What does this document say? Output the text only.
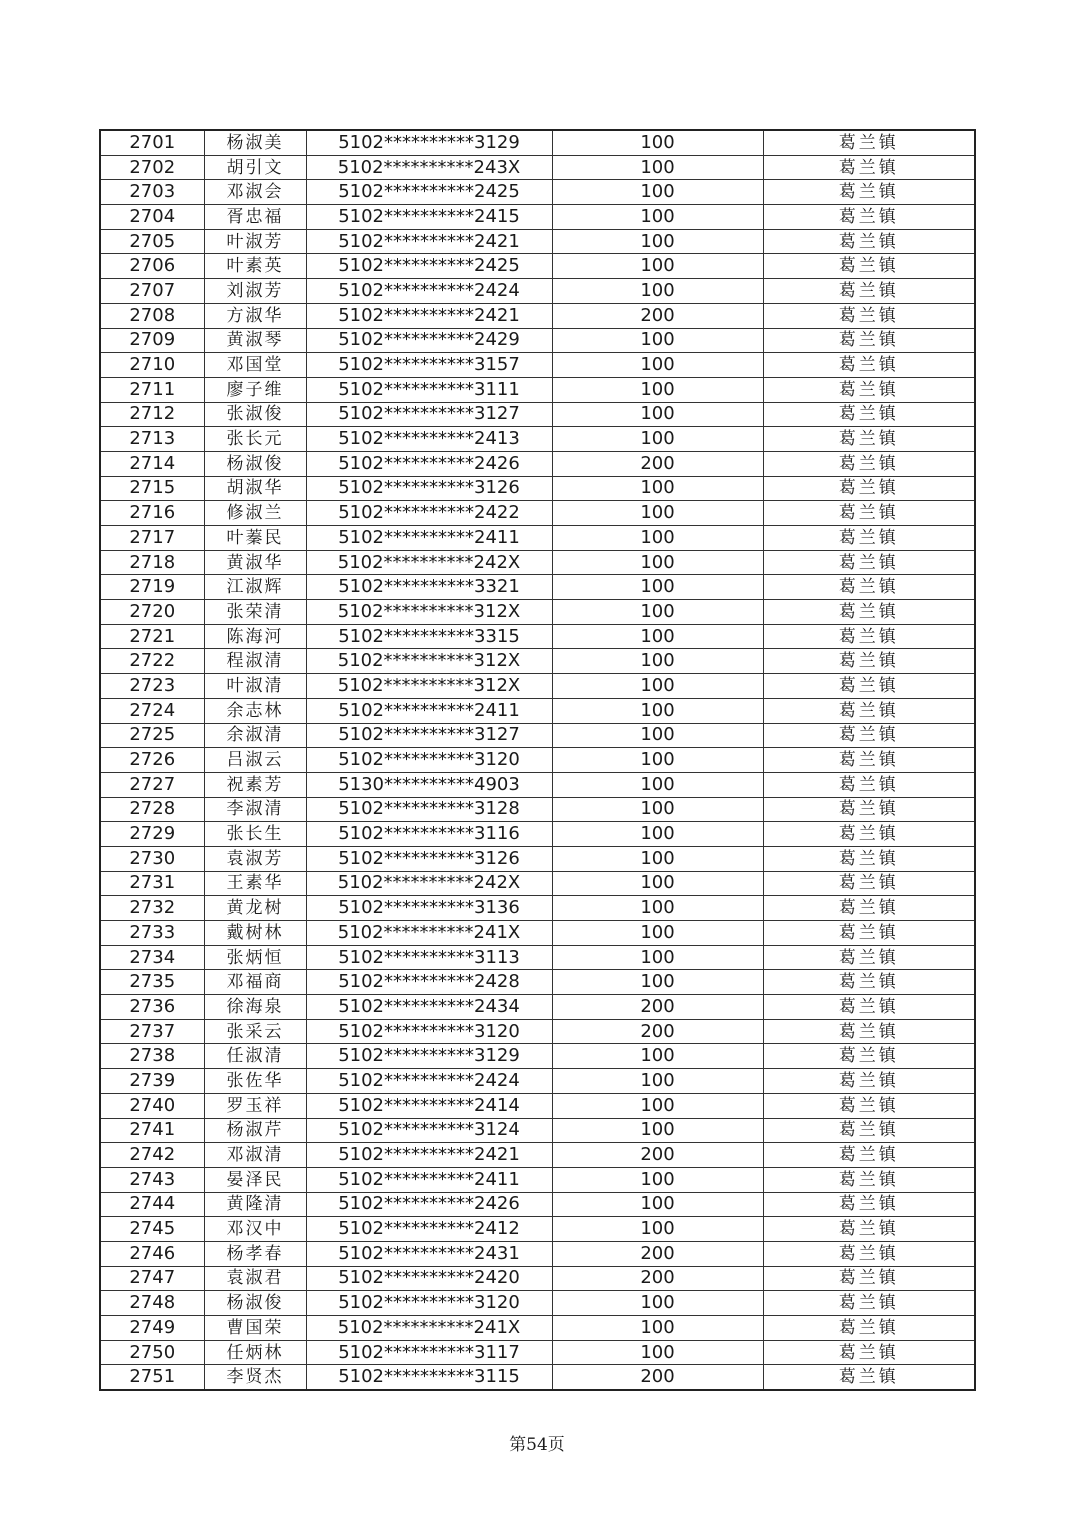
2701	杨淑美	5102**********3129	100	葛兰镇
2702	胡引文	5102**********243X	100	葛兰镇
2703	邓淑会	5102**********2425	100	葛兰镇
2704	胥忠福	5102**********2415	100	葛兰镇
2705	叶淑芳	5102**********2421	100	葛兰镇
2706	叶素英	5102**********2425	100	葛兰镇
2707	刘淑芳	5102**********2424	100	葛兰镇
2708	方淑华	5102**********2421	200	葛兰镇
2709	黄淑琴	5102**********2429	100	葛兰镇
2710	邓国堂	5102**********3157	100	葛兰镇
2711	廖子维	5102**********3111	100	葛兰镇
2712	张淑俊	5102**********3127	100	葛兰镇
2713	张长元	5102**********2413	100	葛兰镇
2714	杨淑俊	5102**********2426	200	葛兰镇
2715	胡淑华	5102**********3126	100	葛兰镇
2716	修淑兰	5102**********2422	100	葛兰镇
2717	叶蓁民	5102**********2411	100	葛兰镇
2718	黄淑华	5102**********242X	100	葛兰镇
2719	江淑辉	5102**********3321	100	葛兰镇
2720	张荣清	5102**********312X	100	葛兰镇
2721	陈海河	5102**********3315	100	葛兰镇
2722	程淑清	5102**********312X	100	葛兰镇
2723	叶淑清	5102**********312X	100	葛兰镇
2724	余志林	5102**********2411	100	葛兰镇
2725	余淑清	5102**********3127	100	葛兰镇
2726	吕淑云	5102**********3120	100	葛兰镇
2727	祝素芳	5130**********4903	100	葛兰镇
2728	李淑清	5102**********3128	100	葛兰镇
2729	张长生	5102**********3116	100	葛兰镇
2730	袁淑芳	5102**********3126	100	葛兰镇
2731	王素华	5102**********242X	100	葛兰镇
2732	黄龙树	5102**********3136	100	葛兰镇
2733	戴树林	5102**********241X	100	葛兰镇
2734	张炳恒	5102**********3113	100	葛兰镇
2735	邓福商	5102**********2428	100	葛兰镇
2736	徐海泉	5102**********2434	200	葛兰镇
2737	张采云	5102**********3120	200	葛兰镇
2738	任淑清	5102**********3129	100	葛兰镇
2739	张佐华	5102**********2424	100	葛兰镇
2740	罗玉祥	5102**********2414	100	葛兰镇
2741	杨淑芹	5102**********3124	100	葛兰镇
2742	邓淑清	5102**********2421	200	葛兰镇
2743	晏泽民	5102**********2411	100	葛兰镇
2744	黄隆清	5102**********2426	100	葛兰镇
2745	邓汉中	5102**********2412	100	葛兰镇
2746	杨孝春	5102**********2431	200	葛兰镇
2747	袁淑君	5102**********2420	200	葛兰镇
2748	杨淑俊	5102**********3120	100	葛兰镇
2749	曹国荣	5102**********241X	100	葛兰镇
2750	任炳林	5102**********3117	100	葛兰镇
2751	李贤杰	5102**********3115	200	葛兰镇
第54页
